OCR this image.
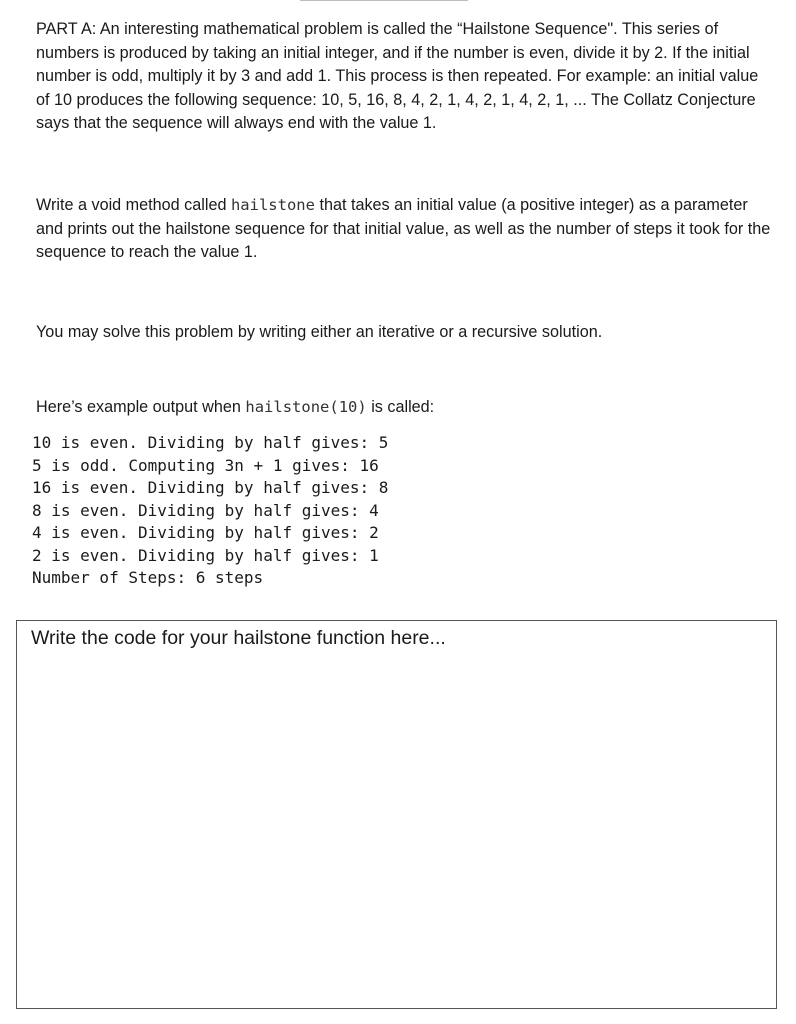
PART A: An interesting mathematical problem is called the “Hailstone Sequence". This series of numbers is produced by taking an initial integer, and if the number is even, divide it by 2. If the initial number is odd, multiply it by 3 and add 1. This process is then repeated. For example: an initial value of 10 produces the following sequence: 10, 5, 16, 8, 4, 2, 1, 4, 2, 1, 4, 2, 1, ... The Collatz Conjecture says that the sequence will always end with the value 1.

Write a void method called hailstone that takes an initial value (a positive integer) as a parameter and prints out the hailstone sequence for that initial value, as well as the number of steps it took for the sequence to reach the value 1.

You may solve this problem by writing either an iterative or a recursive solution.

Here’s example output when hailstone(10) is called:

10 is even. Dividing by half gives: 5
5 is odd. Computing 3n + 1 gives: 16
16 is even. Dividing by half gives: 8
8 is even. Dividing by half gives: 4
4 is even. Dividing by half gives: 2
2 is even. Dividing by half gives: 1
Number of Steps: 6 steps
Write the code for your hailstone function here...
